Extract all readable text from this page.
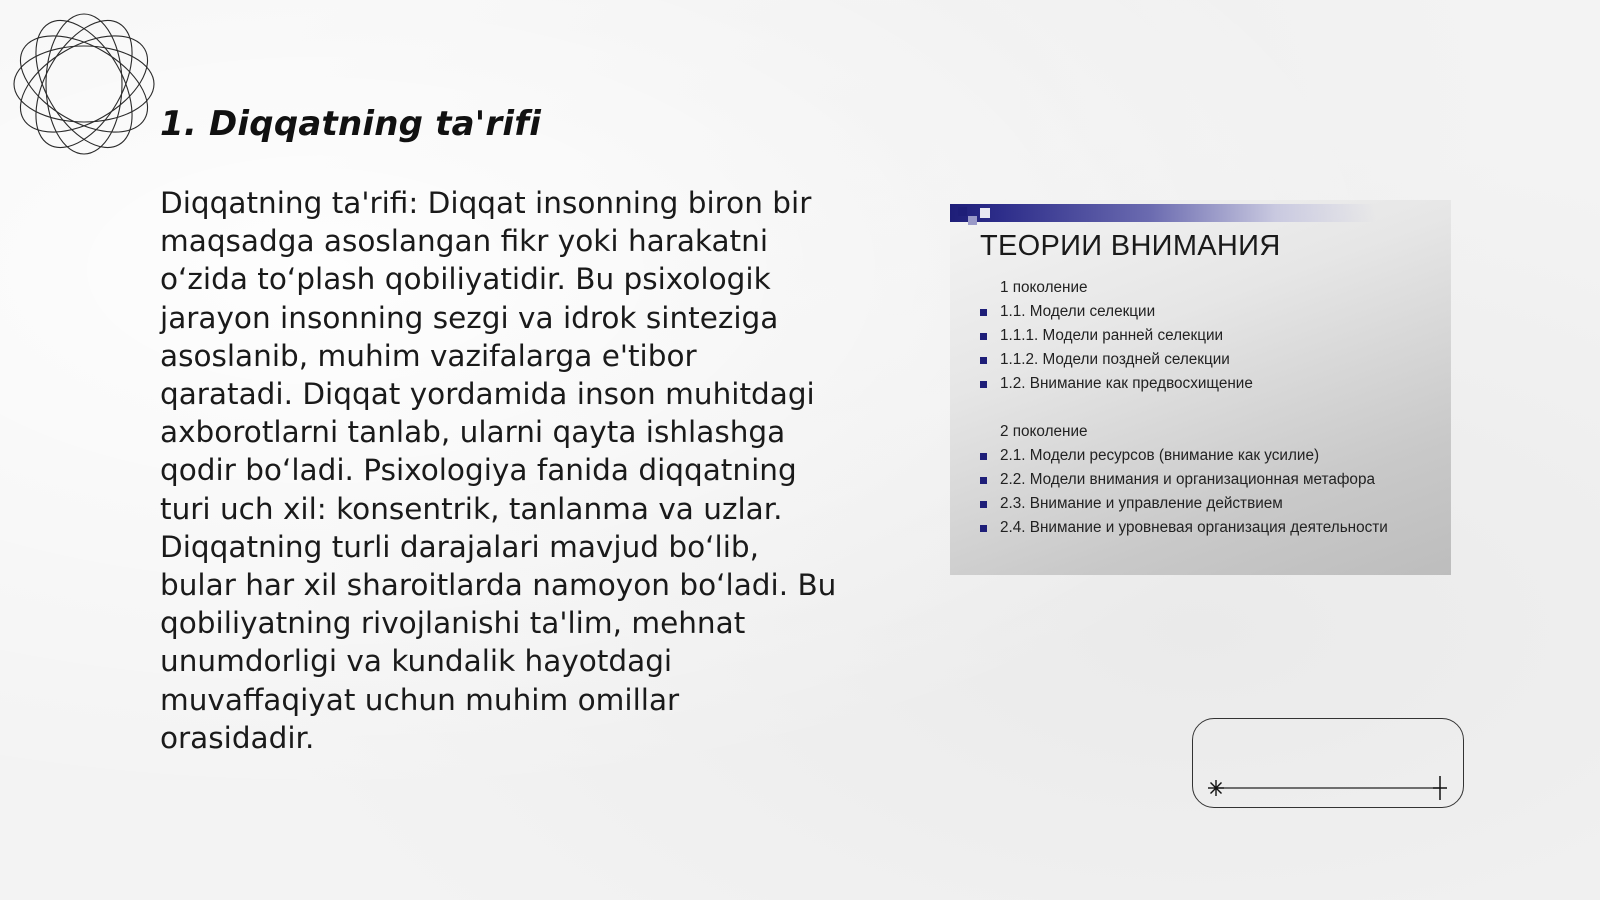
1. Diqqatning ta'rifi

Diqqatning ta'rifi: Diqqat insonning biron bir maqsadga asoslangan fikr yoki harakatni o‘zida to‘plash qobiliyatidir. Bu psixologik jarayon insonning sezgi va idrok sinteziga asoslanib, muhim vazifalarga e'tibor qaratadi. Diqqat yordamida inson muhitdagi axborotlarni tanlab, ularni qayta ishlashga qodir bo‘ladi. Psixologiya fanida diqqatning turi uch xil: konsentrik, tanlanma va uzlar. Diqqatning turli darajalari mavjud bo‘lib, bular har xil sharoitlarda namoyon bo‘ladi. Bu qobiliyatning rivojlanishi ta'lim, mehnat unumdorligi va kundalik hayotdagi muvaffaqiyat uchun muhim omillar orasidadir.

ТЕОРИИ ВНИМАНИЯ
1 поколение
1.1. Модели селекции
1.1.1. Модели ранней селекции
1.1.2. Модели поздней селекции
1.2. Внимание как предвосхищение
2 поколение
2.1. Модели ресурсов (внимание как усилие)
2.2. Модели внимания и организационная метафора
2.3. Внимание и управление действием
2.4. Внимание и уровневая организация деятельности
